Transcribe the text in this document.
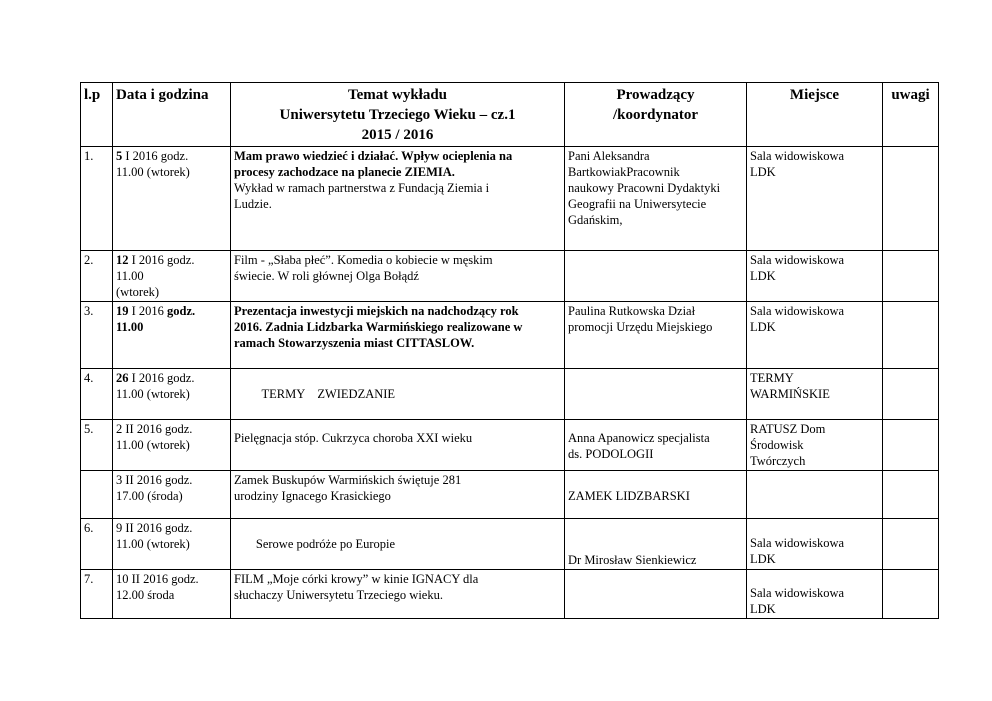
l.p	Data i godzina	Temat wykładu
Uniwersytetu Trzeciego Wieku – cz.1
2015 / 2016	Prowadzący
/koordynator	Miejsce	uwagi
1.	5 I 2016 godz.
11.00 (wtorek)	Mam prawo wiedzieć i działać. Wpływ ocieplenia na
procesy zachodzace na planecie ZIEMIA.
Wykład w ramach partnerstwa z Fundacją Ziemia i
Ludzie.	Pani Aleksandra
BartkowiakPracownik
naukowy Pracowni Dydaktyki
Geografii na Uniwersytecie
Gdańskim,	Sala widowiskowa
LDK	

2.	12 I 2016 godz.
11.00
(wtorek)	Film - „Słaba płeć”. Komedia o kobiecie w męskim
świecie. W roli głównej Olga Bołądź		Sala widowiskowa
LDK	

3.	19 I 2016 godz.
11.00	Prezentacja inwestycji miejskich na nadchodzący rok
2016. Zadnia Lidzbarka Warmińskiego realizowane w
ramach Stowarzyszenia miast CITTASLOW.	Paulina Rutkowska Dział
promocji Urzędu Miejskiego	Sala widowiskowa
LDK	

4.	26 I 2016 godz.
11.00 (wtorek)	TERMY    ZWIEDZANIE		TERMY
WARMIŃSKIE	

5.	2 II 2016 godz.
11.00 (wtorek)	Pielęgnacja stóp. Cukrzyca choroba XXI wieku	Anna Apanowicz specjalista
ds. PODOLOGII	RATUSZ Dom
Środowisk
Twórczych	

	3 II 2016 godz.
17.00 (środa)	Zamek Buskupów Warmińskich świętuje 281
urodziny Ignacego Krasickiego	ZAMEK LIDZBARSKI		
6.	9 II 2016 godz.
11.00 (wtorek)	Serowe podróże po Europie	Dr Mirosław Sienkiewicz	Sala widowiskowa
LDK	

7.	10 II 2016 godz.
12.00 środa	FILM „Moje córki krowy” w kinie IGNACY dla
słuchaczy Uniwersytetu Trzeciego wieku.		Sala widowiskowa
LDK	
